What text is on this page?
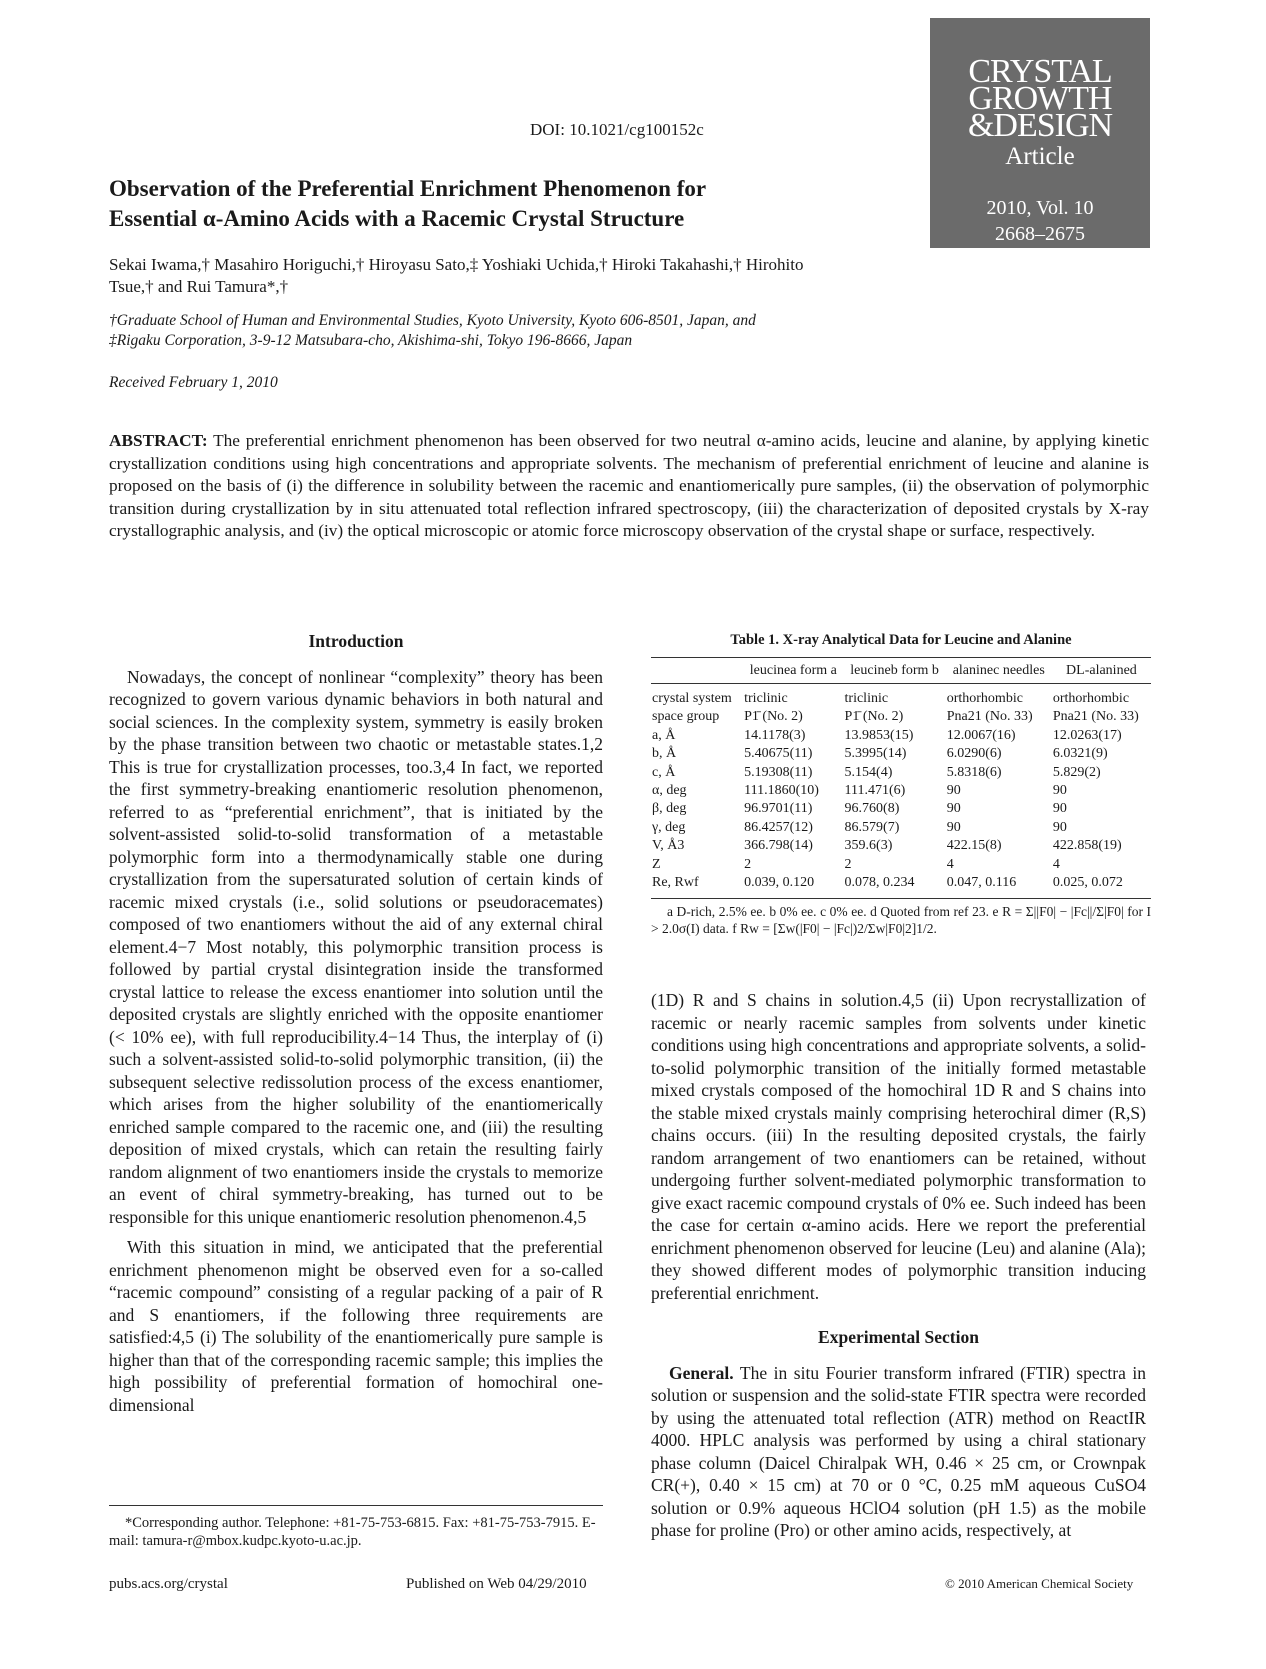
CRYSTAL
GROWTH
&DESIGN
Article
2010, Vol. 10
2668–2675
DOI: 10.1021/cg100152c
Observation of the Preferential Enrichment Phenomenon for Essential α-Amino Acids with a Racemic Crystal Structure
Sekai Iwama,† Masahiro Horiguchi,† Hiroyasu Sato,‡ Yoshiaki Uchida,† Hiroki Takahashi,† Hirohito Tsue,† and Rui Tamura*,†
†Graduate School of Human and Environmental Studies, Kyoto University, Kyoto 606-8501, Japan, and
‡Rigaku Corporation, 3-9-12 Matsubara-cho, Akishima-shi, Tokyo 196-8666, Japan
Received February 1, 2010
ABSTRACT: The preferential enrichment phenomenon has been observed for two neutral α-amino acids, leucine and alanine, by applying kinetic crystallization conditions using high concentrations and appropriate solvents. The mechanism of preferential enrichment of leucine and alanine is proposed on the basis of (i) the difference in solubility between the racemic and enantiomerically pure samples, (ii) the observation of polymorphic transition during crystallization by in situ attenuated total reflection infrared spectroscopy, (iii) the characterization of deposited crystals by X-ray crystallographic analysis, and (iv) the optical microscopic or atomic force microscopy observation of the crystal shape or surface, respectively.
Introduction

Nowadays, the concept of nonlinear “complexity” theory has been recognized to govern various dynamic behaviors in both natural and social sciences. In the complexity system, symmetry is easily broken by the phase transition between two chaotic or metastable states.1,2 This is true for crystallization processes, too.3,4 In fact, we reported the first symmetry-breaking enantiomeric resolution phenomenon, referred to as “preferential enrichment”, that is initiated by the solvent-assisted solid-to-solid transformation of a metastable polymorphic form into a thermodynamically stable one during crystallization from the supersaturated solution of certain kinds of racemic mixed crystals (i.e., solid solutions or pseudoracemates) composed of two enantiomers without the aid of any external chiral element.4−7 Most notably, this polymorphic transition process is followed by partial crystal disintegration inside the transformed crystal lattice to release the excess enantiomer into solution until the deposited crystals are slightly enriched with the opposite enantiomer (< 10% ee), with full reproducibility.4−14 Thus, the interplay of (i) such a solvent-assisted solid-to-solid polymorphic transition, (ii) the subsequent selective redissolution process of the excess enantiomer, which arises from the higher solubility of the enantiomerically enriched sample compared to the racemic one, and (iii) the resulting deposition of mixed crystals, which can retain the resulting fairly random alignment of two enantiomers inside the crystals to memorize an event of chiral symmetry-breaking, has turned out to be responsible for this unique enantiomeric resolution phenomenon.4,5

With this situation in mind, we anticipated that the preferential enrichment phenomenon might be observed even for a so-called “racemic compound” consisting of a regular packing of a pair of R and S enantiomers, if the following three requirements are satisfied:4,5 (i) The solubility of the enantiomerically pure sample is higher than that of the corresponding racemic sample; this implies the high possibility of preferential formation of homochiral one-dimensional

Table 1. X-ray Analytical Data for Leucine and Alanine
	leucinea form a	leucineb form b	alaninec needles	DL-alanined
crystal system	triclinic	triclinic	orthorhombic	orthorhombic
space group	P1̄ (No. 2)	P1̄ (No. 2)	Pna21 (No. 33)	Pna21 (No. 33)
a, Å	14.1178(3)	13.9853(15)	12.0067(16)	12.0263(17)
b, Å	5.40675(11)	5.3995(14)	6.0290(6)	6.0321(9)
c, Å	5.19308(11)	5.154(4)	5.8318(6)	5.829(2)
α, deg	111.1860(10)	111.471(6)	90	90
β, deg	96.9701(11)	96.760(8)	90	90
γ, deg	86.4257(12)	86.579(7)	90	90
V, Å3	366.798(14)	359.6(3)	422.15(8)	422.858(19)
Z	2	2	4	4
Re, Rwf	0.039, 0.120	0.078, 0.234	0.047, 0.116	0.025, 0.072
a D-rich, 2.5% ee. b 0% ee. c 0% ee. d Quoted from ref 23. e R = Σ||F0| − |Fc||/Σ|F0| for I > 2.0σ(I) data. f Rw = [Σw(|F0| − |Fc|)2/Σw|F0|2]1/2.

(1D) R and S chains in solution.4,5 (ii) Upon recrystallization of racemic or nearly racemic samples from solvents under kinetic conditions using high concentrations and appropriate solvents, a solid-to-solid polymorphic transition of the initially formed metastable mixed crystals composed of the homochiral 1D R and S chains into the stable mixed crystals mainly comprising heterochiral dimer (R,S) chains occurs. (iii) In the resulting deposited crystals, the fairly random arrangement of two enantiomers can be retained, without undergoing further solvent-mediated polymorphic transformation to give exact racemic compound crystals of 0% ee. Such indeed has been the case for certain α-amino acids. Here we report the preferential enrichment phenomenon observed for leucine (Leu) and alanine (Ala); they showed different modes of polymorphic transition inducing preferential enrichment.

Experimental Section

General. The in situ Fourier transform infrared (FTIR) spectra in solution or suspension and the solid-state FTIR spectra were recorded by using the attenuated total reflection (ATR) method on ReactIR 4000. HPLC analysis was performed by using a chiral stationary phase column (Daicel Chiralpak WH, 0.46 × 25 cm, or Crownpak CR(+), 0.40 × 15 cm) at 70 or 0 °C, 0.25 mM aqueous CuSO4 solution or 0.9% aqueous HClO4 solution (pH 1.5) as the mobile phase for proline (Pro) or other amino acids, respectively, at

*Corresponding author. Telephone: +81-75-753-6815. Fax: +81-75-753-7915. E-mail: tamura-r@mbox.kudpc.kyoto-u.ac.jp.
pubs.acs.org/crystal	Published on Web 04/29/2010	© 2010 American Chemical Society
